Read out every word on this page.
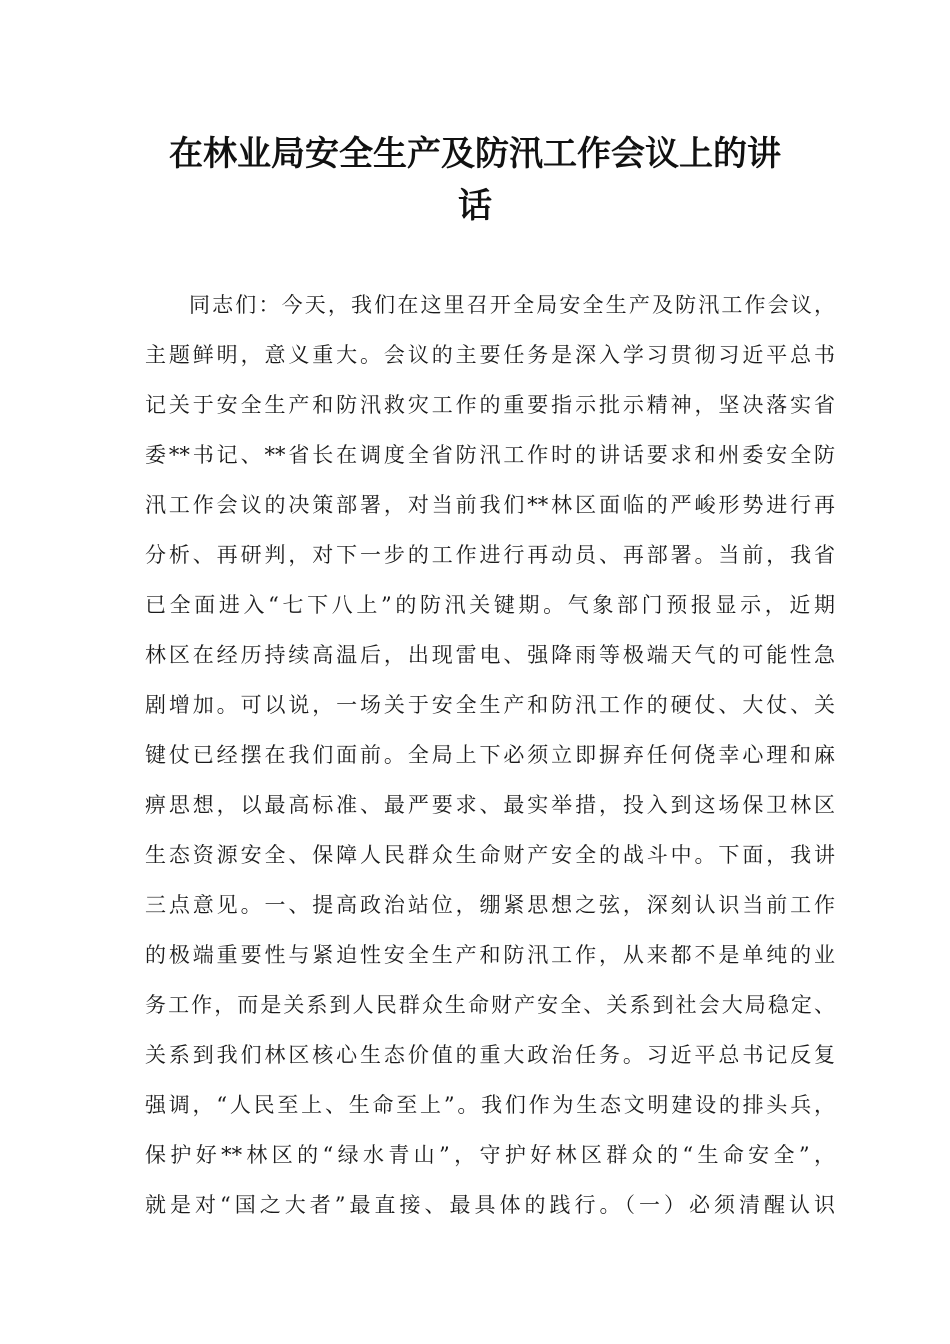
在林业局安全生产及防汛工作会议上的讲
话
同志们：今天，我们在这里召开全局安全生产及防汛工作会议，
主题鲜明，意义重大。会议的主要任务是深入学习贯彻习近平总书
记关于安全生产和防汛救灾工作的重要指示批示精神，坚决落实省
委**书记、**省长在调度全省防汛工作时的讲话要求和州委安全防
汛工作会议的决策部署，对当前我们**林区面临的严峻形势进行再
分析、再研判，对下一步的工作进行再动员、再部署。当前，我省
已全面进入“七下八上”的防汛关键期。气象部门预报显示，近期
林区在经历持续高温后，出现雷电、强降雨等极端天气的可能性急
剧增加。可以说，一场关于安全生产和防汛工作的硬仗、大仗、关
键仗已经摆在我们面前。全局上下必须立即摒弃任何侥幸心理和麻
痹思想，以最高标准、最严要求、最实举措，投入到这场保卫林区
生态资源安全、保障人民群众生命财产安全的战斗中。下面，我讲
三点意见。一、提高政治站位，绷紧思想之弦，深刻认识当前工作
的极端重要性与紧迫性安全生产和防汛工作，从来都不是单纯的业
务工作，而是关系到人民群众生命财产安全、关系到社会大局稳定、
关系到我们林区核心生态价值的重大政治任务。习近平总书记反复
强调，“人民至上、生命至上”。我们作为生态文明建设的排头兵，
保护好**林区的“绿水青山”，守护好林区群众的“生命安全”，
就是对“国之大者”最直接、最具体的践行。（一）必须清醒认识
